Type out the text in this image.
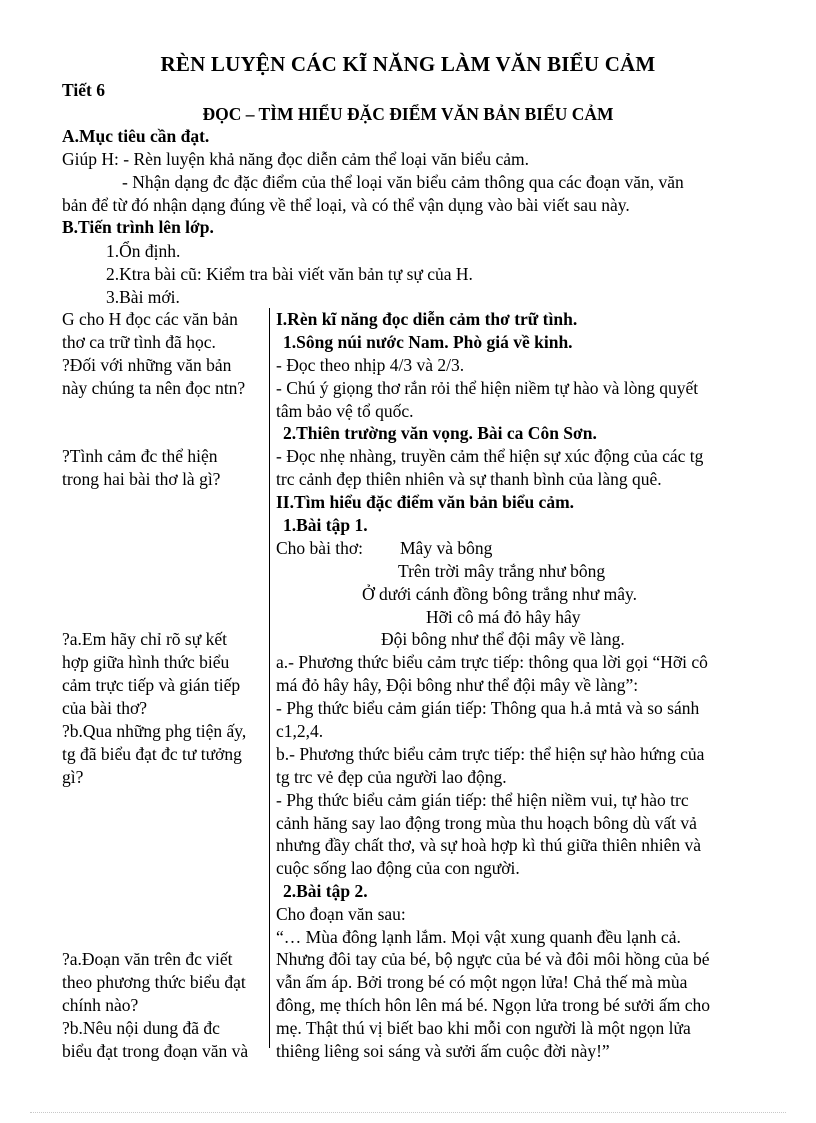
RÈN LUYỆN CÁC KĨ NĂNG LÀM VĂN BIỂU CẢM
Tiết 6
ĐỌC – TÌM HIỂU ĐẶC ĐIỂM VĂN BẢN BIỂU CẢM
A.Mục tiêu cần đạt.
Giúp H: - Rèn luyện khả năng đọc diễn cảm thể loại văn biểu cảm.
- Nhận dạng đc đặc điểm của thể loại văn biểu cảm thông qua các đoạn văn, văn
bản để từ đó nhận dạng đúng về thể loại, và có thể vận dụng vào bài viết sau này.
B.Tiến trình lên lớp.
1.Ổn định.
2.Ktra bài cũ: Kiểm tra bài viết văn bản tự sự của H.
3.Bài mới.
G cho H đọc các văn bản
thơ ca trữ tình đã học.
?Đối với những văn bản
này chúng ta nên đọc ntn?
?Tình cảm đc thể hiện
trong hai bài thơ là gì?
?a.Em hãy chỉ rõ sự kết
hợp giữa hình thức biểu
cảm trực tiếp và gián tiếp
của bài thơ?
?b.Qua những phg tiện ấy,
tg đã biểu đạt đc tư tưởng
gì?
?a.Đoạn văn trên đc viết
theo phương thức biểu đạt
chính nào?
?b.Nêu nội dung đã đc
biểu đạt trong đoạn văn và
I.Rèn kĩ năng đọc diễn cảm thơ trữ tình.
1.Sông núi nước Nam. Phò giá về kinh.
- Đọc theo nhịp 4/3 và 2/3.
- Chú ý giọng thơ rắn rỏi thể hiện niềm tự hào và lòng quyết
tâm bảo vệ tổ quốc.
2.Thiên trường văn vọng. Bài ca Côn Sơn.
- Đọc nhẹ nhàng, truyền cảm thể hiện sự xúc động của các tg
trc cảnh đẹp thiên nhiên và sự thanh bình của làng quê.
II.Tìm hiểu đặc điểm văn bản biểu cảm.
1.Bài tập 1.
Cho bài thơ: Mây và bông
Trên trời mây trắng như bông
Ở dưới cánh đồng bông trắng như mây.
Hỡi cô má đỏ hây hây
Đội bông như thể đội mây về làng.
a.- Phương thức biểu cảm trực tiếp: thông qua lời gọi “Hỡi cô
má đỏ hây hây, Đội bông như thể đội mây về làng”:
- Phg thức biểu cảm gián tiếp: Thông qua h.ả mtả và so sánh
c1,2,4.
b.- Phương thức biểu cảm trực tiếp: thể hiện sự hào hứng của
tg trc vẻ đẹp của người lao động.
- Phg thức biểu cảm gián tiếp: thể hiện niềm vui, tự hào trc
cảnh hăng say lao động trong mùa thu hoạch bông dù vất vả
nhưng đầy chất thơ, và sự hoà hợp kì thú giữa thiên nhiên và
cuộc sống lao động của con người.
2.Bài tập 2.
Cho đoạn văn sau:
“… Mùa đông lạnh lắm. Mọi vật xung quanh đều lạnh cả.
Nhưng đôi tay của bé, bộ ngực của bé và đôi môi hồng của bé
vẫn ấm áp. Bởi trong bé có một ngọn lửa! Chả thế mà mùa
đông, mẹ thích hôn lên má bé. Ngọn lửa trong bé sưởi ấm cho
mẹ. Thật thú vị biết bao khi mỗi con người là một ngọn lửa
thiêng liêng soi sáng và sưởi ấm cuộc đời này!”
